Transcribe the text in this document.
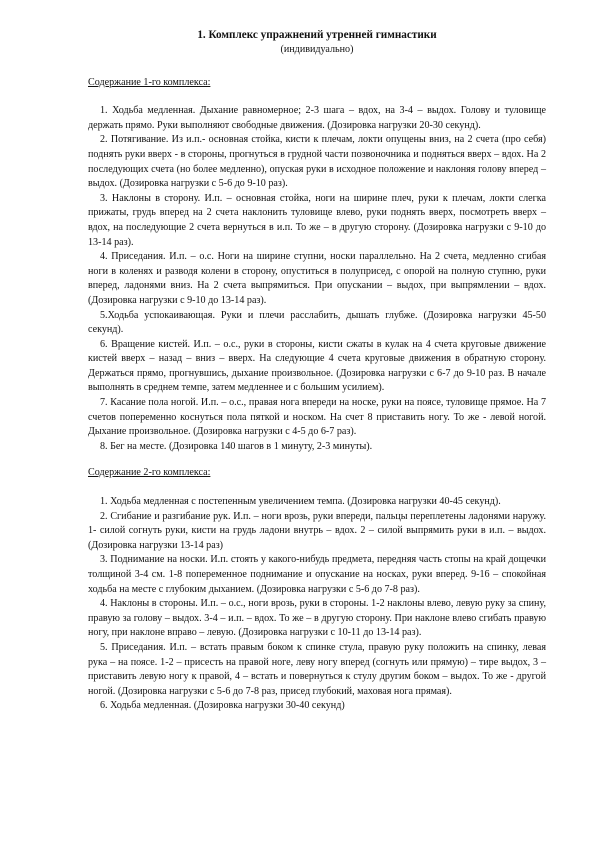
1. Комплекс упражнений утренней гимнастики

(индивидуально)

Содержание 1-го комплекса:

1. Ходьба медленная. Дыхание равномерное; 2-3 шага – вдох, на 3-4 – выдох. Голову и туловище держать прямо. Руки выполняют свободные движения. (Дозировка нагрузки 20-30 секунд).

2. Потягивание. Из и.п.- основная стойка, кисти к плечам, локти опущены вниз, на 2 счета (про себя) поднять руки вверх - в стороны, прогнуться в грудной части позвоночника и подняться вверх – вдох. На 2 последующих счета (но более медленно), опуская руки в исходное положение и наклоняя голову вперед – выдох. (Дозировка нагрузки с 5-6 до 9-10 раз).

3. Наклоны в сторону. И.п. – основная стойка, ноги на ширине плеч, руки к плечам, локти слегка прижаты, грудь вперед на 2 счета наклонить туловище влево, руки поднять вверх, посмотреть вверх – вдох, на последующие 2 счета вернуться в и.п. То же – в другую сторону. (Дозировка нагрузки с 9-10 до 13-14 раз).

4. Приседания. И.п. – о.с. Ноги на ширине ступни, носки параллельно. На 2 счета, медленно сгибая ноги в коленях и разводя колени в сторону, опуститься в полуприсед, с опорой на полную ступню, руки вперед, ладонями вниз. На 2 счета выпрямиться. При опускании – выдох, при выпрямлении – вдох. (Дозировка нагрузки с 9-10 до 13-14 раз).

5.Ходьба успокаивающая. Руки и плечи расслабить, дышать глубже. (Дозировка нагрузки 45-50 секунд).

6. Вращение кистей. И.п. – о.с., руки в стороны, кисти сжаты в кулак на 4 счета круговые движение кистей вверх – назад – вниз – вверх. На следующие 4 счета круговые движения в обратную сторону. Держаться прямо, прогнувшись, дыхание произвольное. (Дозировка нагрузки с 6-7 до 9-10 раз. В начале выполнять в среднем темпе, затем медленнее и с большим усилием).

7. Касание пола ногой. И.п. – о.с., правая нога впереди на носке, руки на поясе, туловище прямое. На 7 счетов попеременно коснуться пола пяткой и носком. На счет 8 приставить ногу. То же - левой ногой. Дыхание произвольное. (Дозировка нагрузки с 4-5 до 6-7 раз).

8. Бег на месте. (Дозировка 140 шагов в 1 минуту, 2-3 минуты).

Содержание 2-го комплекса:

1. Ходьба медленная с постепенным увеличением темпа. (Дозировка нагрузки 40-45 секунд).

2. Сгибание и разгибание рук. И.п. – ноги врозь, руки впереди, пальцы переплетены ладонями наружу. 1- силой согнуть руки, кисти на грудь ладони внутрь – вдох. 2 – силой выпрямить руки в и.п. – выдох. (Дозировка нагрузки 13-14 раз)

3. Поднимание на носки. И.п. стоять у какого-нибудь предмета, передняя часть стопы на край дощечки толщиной 3-4 см. 1-8 попеременное поднимание и опускание на носках, руки вперед. 9-16 – спокойная ходьба на месте с глубоким дыханием. (Дозировка нагрузки с 5-6 до 7-8 раз).

4. Наклоны в стороны. И.п. – о.с., ноги врозь, руки в стороны. 1-2 наклоны влево, левую руку за спину, правую за голову – выдох. 3-4 – и.п. – вдох. То же – в другую сторону. При наклоне влево сгибать правую ногу, при наклоне вправо – левую. (Дозировка нагрузки с 10-11 до 13-14 раз).

5. Приседания. И.п. – встать правым боком к спинке стула, правую руку положить на спинку, левая рука – на поясе. 1-2 – присесть на правой ноге, леву ногу вперед (согнуть или прямую) – тире выдох, 3 – приставить левую ногу к правой, 4 – встать и повернуться к стулу другим боком – выдох. То же - другой ногой. (Дозировка нагрузки с 5-6 до 7-8 раз, присед глубокий, маховая нога прямая).

6. Ходьба медленная. (Дозировка нагрузки 30-40 секунд)
